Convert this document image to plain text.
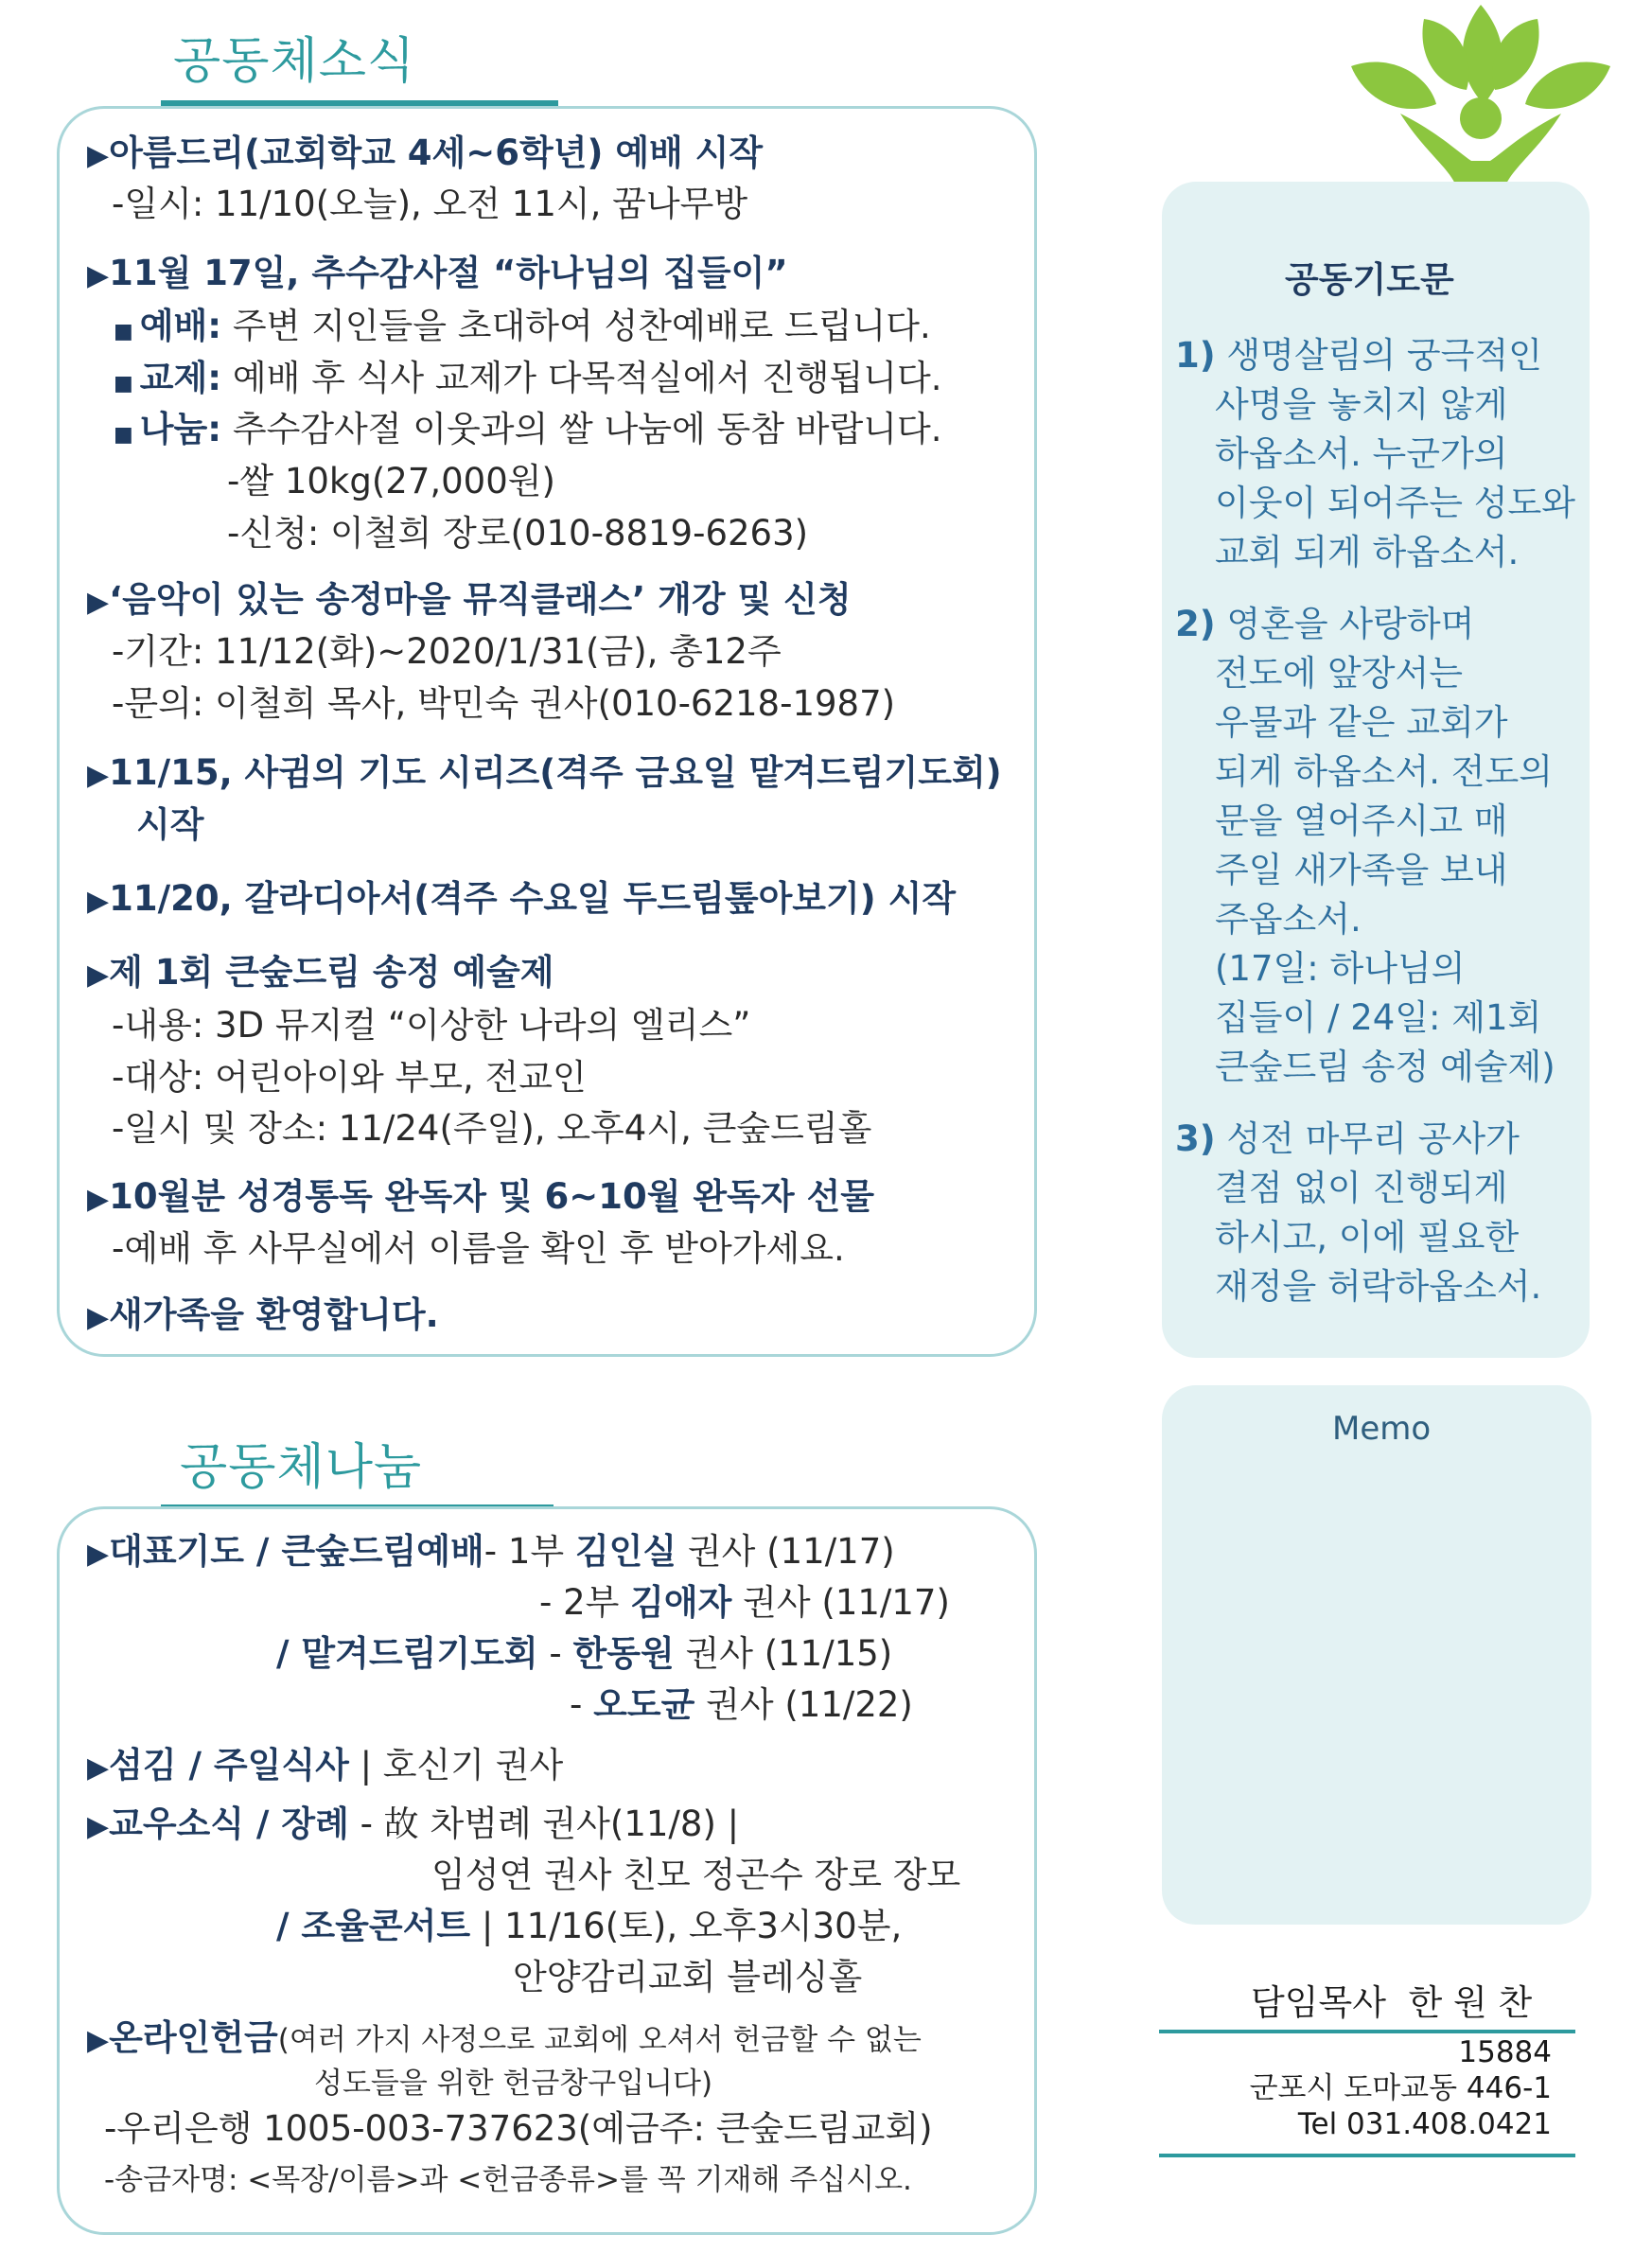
공동체소식
▶아름드리(교회학교 4세~6학년) 예배 시작
-일시: 11/10(오늘), 오전 11시, 꿈나무방
▶11월 17일, 추수감사절 “하나님의 집들이”
■ 예배: 주변 지인들을 초대하여 성찬예배로 드립니다.
■ 교제: 예배 후 식사 교제가 다목적실에서 진행됩니다.
■ 나눔: 추수감사절 이웃과의 쌀 나눔에 동참 바랍니다.
-쌀 10kg(27,000원)
-신청: 이철희 장로(010-8819-6263)
▶‘음악이 있는 송정마을 뮤직클래스’ 개강 및 신청
-기간: 11/12(화)~2020/1/31(금), 총12주
-문의: 이철희 목사, 박민숙 권사(010-6218-1987)
▶11/15, 사귐의 기도 시리즈(격주 금요일 맡겨드림기도회)
시작
▶11/20, 갈라디아서(격주 수요일 두드림톺아보기) 시작
▶제 1회 큰숲드림 송정 예술제
-내용: 3D 뮤지컬 “이상한 나라의 엘리스”
-대상: 어린아이와 부모, 전교인
-일시 및 장소: 11/24(주일), 오후4시, 큰숲드림홀
▶10월분 성경통독 완독자 및 6~10월 완독자 선물
-예배 후 사무실에서 이름을 확인 후 받아가세요.
▶새가족을 환영합니다.
공동체나눔
▶대표기도 / 큰숲드림예배- 1부 김인실 권사 (11/17)
- 2부 김애자 권사 (11/17)
/ 맡겨드림기도회 - 한동원 권사 (11/15)
- 오도균 권사 (11/22)
▶섬김 / 주일식사 | 호신기 권사
▶교우소식 / 장례 - 故 차범례 권사(11/8) |
임성연 권사 친모 정곤수 장로 장모
/ 조율콘서트 | 11/16(토), 오후3시30분,
안양감리교회 블레싱홀
▶온라인헌금(여러 가지 사정으로 교회에 오셔서 헌금할 수 없는
성도들을 위한 헌금창구입니다)
-우리은행 1005-003-737623(예금주: 큰숲드림교회)
-송금자명: <목장/이름>과 <헌금종류>를 꼭 기재해 주십시오.
공동기도문
1) 생명살림의 궁극적인
사명을 놓치지 않게
하옵소서. 누군가의
이웃이 되어주는 성도와
교회 되게 하옵소서.
2) 영혼을 사랑하며
전도에 앞장서는
우물과 같은 교회가
되게 하옵소서. 전도의
문을 열어주시고 매
주일 새가족을 보내
주옵소서.
(17일: 하나님의
집들이 / 24일: 제1회
큰숲드림 송정 예술제)
3) 성전 마무리 공사가
결점 없이 진행되게
하시고, 이에 필요한
재정을 허락하옵소서.
Memo
담임목사  한 원 찬
15884
군포시 도마교동 446-1
Tel 031.408.0421
